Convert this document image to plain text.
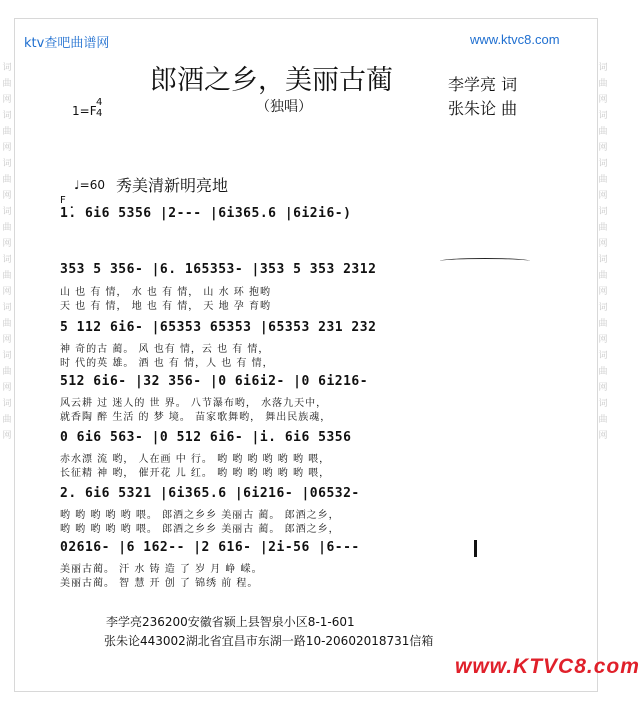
词曲网词曲网词曲网词曲网词曲网词曲网词曲网词曲网
词曲网词曲网词曲网词曲网词曲网词曲网词曲网词曲网
ktv查吧曲谱网	www.ktvc8.com
郎酒之乡，美丽古蔺
（独唱）
李学亮 词
张朱论 曲
1=F
4
4
♩=60 秀美清新明亮地
F
1̇. 6i6 5356 |2--- |6i365.6 |6i2i6-)
353 5 356- |6. 165353- |353 5 353 2312
山 也 有 情， 水 也 有 情， 山 水 环 抱哟
天 也 有 情， 地 也 有 情， 天 地 孕 育哟
5 112 6i6- |65353 65353 |65353 231 232
神 奇的古 蔺。 风 也有 情，云 也 有 情，
时 代的英 雄。 酒 也 有 情，人 也 有 情，
512 6i6- |32 356- |0 6i6i2- |0 6i216-
风云耕 过 迷人的 世 界。 八节瀑布哟， 水落九天中，
就香陶 醉 生活 的 梦 境。 苗家歌舞哟， 舞出民族魂，
0 6i6 563- |0 512 6i6- |i. 6i6 5356
赤水漂 流 哟， 人在画 中 行。 哟 哟 哟 哟 哟 哟 喂，
长征精 神 哟， 催开花 儿 红。 哟 哟 哟 哟 哟 哟 喂，
2. 6i6 5321 |6i365.6 |6i216- |06532-
哟 哟 哟 哟 哟 喂。 郎酒之乡乡 美丽古 蔺。 郎酒之乡，
哟 哟 哟 哟 哟 喂。 郎酒之乡乡 美丽古 蔺。 郎酒之乡，
02616- |6 162-- |2 616- |2i-56 |6---
美丽古蔺。 汗 水 铸 造 了 岁 月 峥 嵘。
美丽古蔺。 智 慧 开 创 了 锦绣 前 程。
李学亮236200安徽省颍上县智泉小区8-1-601
张朱论443002湖北省宜昌市东湖一路10-20602018731信箱
www.KTVC8.com
